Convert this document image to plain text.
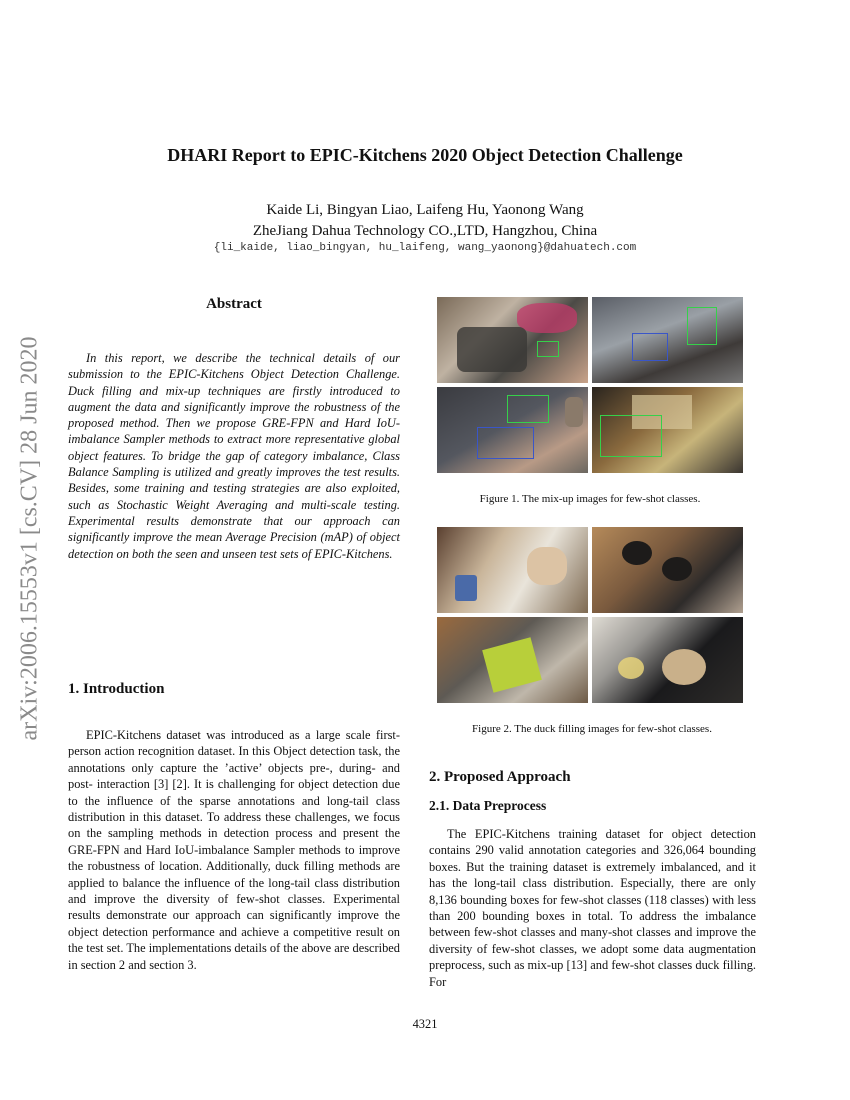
DHARI Report to EPIC-Kitchens 2020 Object Detection Challenge
Kaide Li, Bingyan Liao, Laifeng Hu, Yaonong Wang
ZheJiang Dahua Technology CO.,LTD, Hangzhou, China
{li_kaide, liao_bingyan, hu_laifeng, wang_yaonong}@dahuatech.com
arXiv:2006.15553v1 [cs.CV] 28 Jun 2020
Abstract
In this report, we describe the technical details of our submission to the EPIC-Kitchens Object Detection Challenge. Duck filling and mix-up techniques are firstly introduced to augment the data and significantly improve the robustness of the proposed method. Then we propose GRE-FPN and Hard IoU-imbalance Sampler methods to extract more representative global object features. To bridge the gap of category imbalance, Class Balance Sampling is utilized and greatly improves the test results. Besides, some training and testing strategies are also exploited, such as Stochastic Weight Averaging and multi-scale testing. Experimental results demonstrate that our approach can significantly improve the mean Average Precision (mAP) of object detection on both the seen and unseen test sets of EPIC-Kitchens.
1. Introduction
EPIC-Kitchens dataset was introduced as a large scale first-person action recognition dataset. In this Object detection task, the annotations only capture the ’active’ objects pre-, during- and post- interaction [3] [2]. It is challenging for object detection due to the influence of the sparse annotations and long-tail class distribution in this dataset. To address these challenges, we focus on the sampling methods in detection process and present the GRE-FPN and Hard IoU-imbalance Sampler methods to improve the robustness of location. Additionally, duck filling methods are applied to balance the influence of the long-tail class distribution and improve the diversity of few-shot classes. Experimental results demonstrate our approach can significantly improve the object detection performance and achieve a competitive result on the test set. The implementations details of the above are described in section 2 and section 3.
Figure 1. The mix-up images for few-shot classes.
Figure 2. The duck filling images for few-shot classes.
2. Proposed Approach
2.1. Data Preprocess
The EPIC-Kitchens training dataset for object detection contains 290 valid annotation categories and 326,064 bounding boxes. But the training dataset is extremely imbalanced, and it has the long-tail class distribution. Especially, there are only 8,136 bounding boxes for few-shot classes (118 classes) with less than 200 bounding boxes in total. To address the imbalance between few-shot classes and many-shot classes and improve the diversity of few-shot classes, we adopt some data augmentation preprocess, such as mix-up [13] and few-shot classes duck filling. For
4321
